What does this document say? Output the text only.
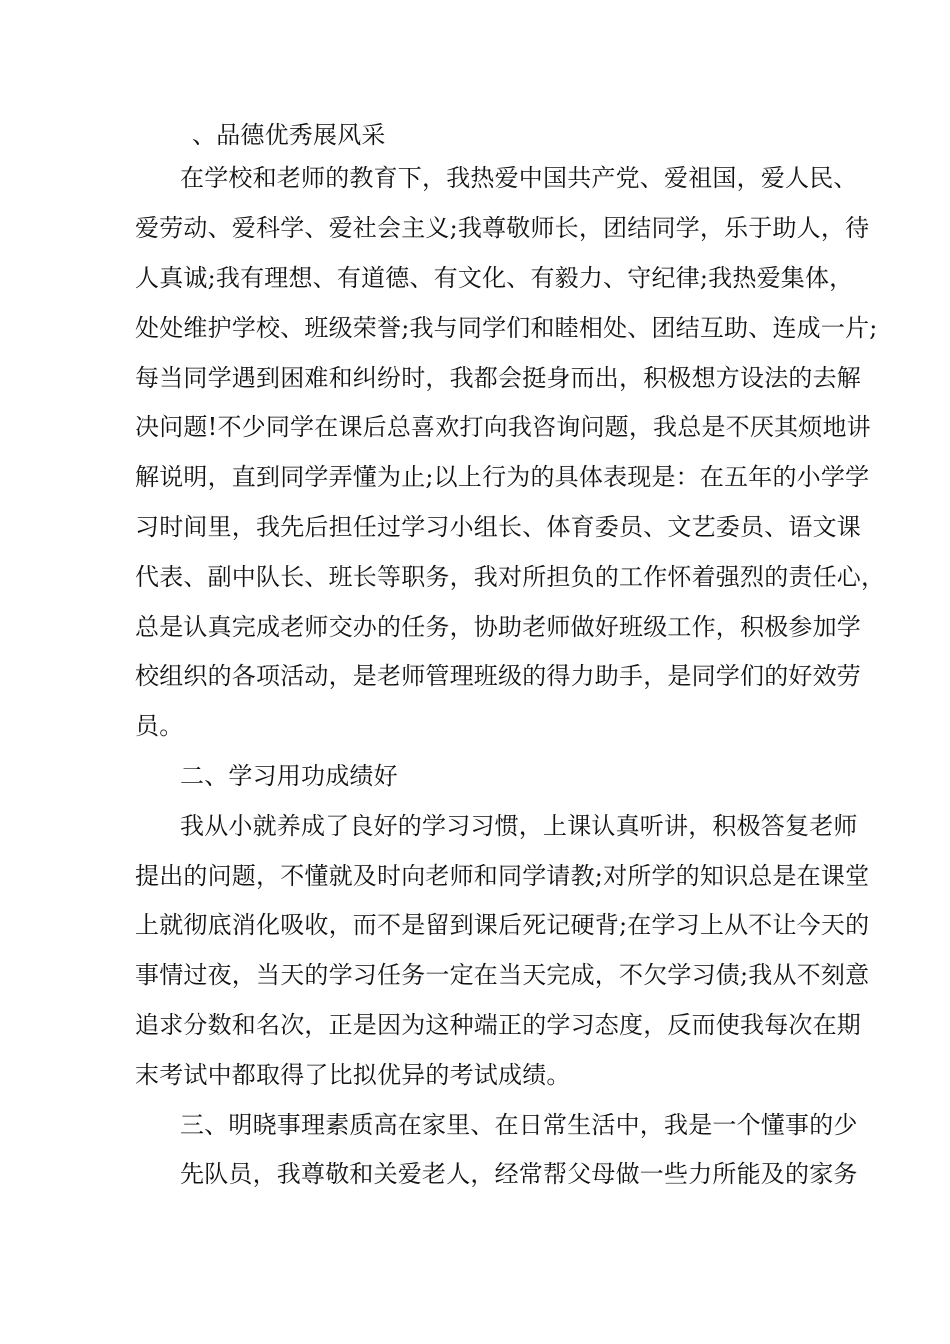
、品德优秀展风采
在学校和老师的教育下，我热爱中国共产党、爱祖国，爱人民、
爱劳动、爱科学、爱社会主义;我尊敬师长，团结同学，乐于助人，待
人真诚;我有理想、有道德、有文化、有毅力、守纪律;我热爱集体，
处处维护学校、班级荣誉;我与同学们和睦相处、团结互助、连成一片;
每当同学遇到困难和纠纷时，我都会挺身而出，积极想方设法的去解
决问题!不少同学在课后总喜欢打向我咨询问题，我总是不厌其烦地讲
解说明，直到同学弄懂为止;以上行为的具体表现是：在五年的小学学
习时间里，我先后担任过学习小组长、体育委员、文艺委员、语文课
代表、副中队长、班长等职务，我对所担负的工作怀着强烈的责任心，
总是认真完成老师交办的任务，协助老师做好班级工作，积极参加学
校组织的各项活动，是老师管理班级的得力助手，是同学们的好效劳
员。
二、学习用功成绩好
我从小就养成了良好的学习习惯，上课认真听讲，积极答复老师
提出的问题，不懂就及时向老师和同学请教;对所学的知识总是在课堂
上就彻底消化吸收，而不是留到课后死记硬背;在学习上从不让今天的
事情过夜，当天的学习任务一定在当天完成，不欠学习债;我从不刻意
追求分数和名次，正是因为这种端正的学习态度，反而使我每次在期
末考试中都取得了比拟优异的考试成绩。
三、明晓事理素质高在家里、在日常生活中，我是一个懂事的少
先队员，我尊敬和关爱老人，经常帮父母做一些力所能及的家务
